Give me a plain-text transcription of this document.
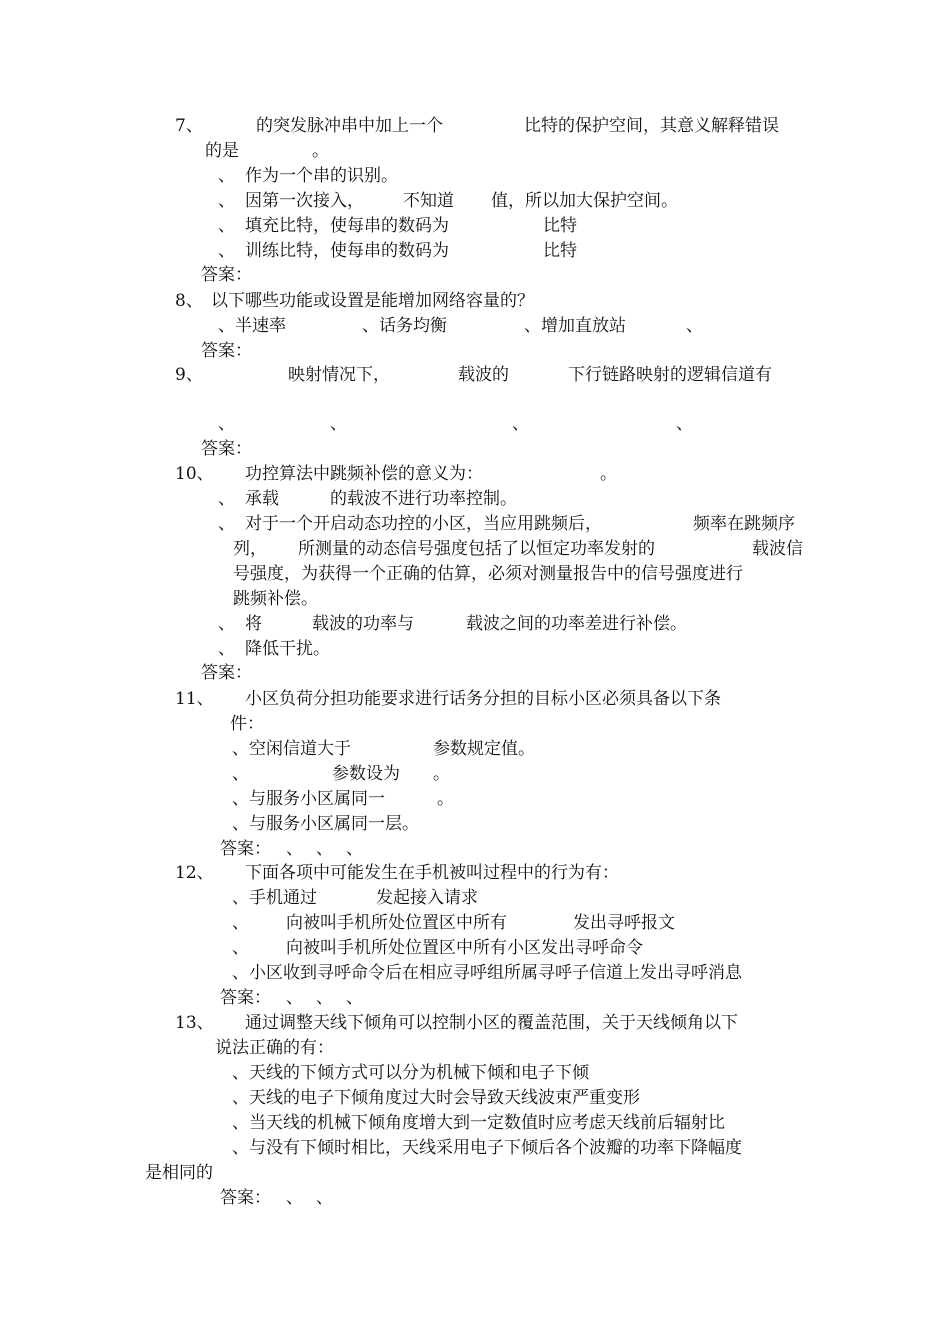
7、

	的突发脉冲串中加上一个

	比特的保护空间，其意义解释错误

的是

	。

、

作为一个串的识别。

、

因第一次接入，

不知道

值，所以加大保护空间。

、

填充比特，使每串的数码为

	比特

、

训练比特，使每串的数码为

	比特

答案：

8、

以下哪些功能或设置是能增加网络容量的？

、半速率

	、话务均衡

	、增加直放站

	、

答案：

9、

	映射情况下，

	载波的

	下行链路映射的逻辑信道有

、

	、

	、

	、

答案：

10、

功控算法中跳频补偿的意义为：

	。

、

承载

	的载波不进行功率控制。

、

对于一个开启动态功控的小区，当应用跳频后，

	频率在跳频序

列，

所测量的动态信号强度包括了以恒定功率发射的

	载波信

号强度，为获得一个正确的估算，必须对测量报告中的信号强度进行
跳频补偿。

、

将

	载波的功率与

	载波之间的功率差进行补偿。

、

降低干扰。

答案：

11、

小区负荷分担功能要求进行话务分担的目标小区必须具备以下条

件：

、空闲信道大于

	参数规定值。

、

	参数设为

。

、与服务小区属同一

	。

、与服务小区属同一层。

答案：

、

、

、

12、

下面各项中可能发生在手机被叫过程中的行为有：

、手机通过

	发起接入请求

、

向被叫手机所处位置区中所有

	发出寻呼报文

、

向被叫手机所处位置区中所有小区发出寻呼命令

、小区收到寻呼命令后在相应寻呼组所属寻呼子信道上发出寻呼消息

答案：

、

、

、

13、

通过调整天线下倾角可以控制小区的覆盖范围，关于天线倾角以下

说法正确的有：
、天线的下倾方式可以分为机械下倾和电子下倾
、天线的电子下倾角度过大时会导致天线波束严重变形
、当天线的机械下倾角度增大到一定数值时应考虑天线前后辐射比
、与没有下倾时相比，天线采用电子下倾后各个波瓣的功率下降幅度
是相同的

答案：

、

、
